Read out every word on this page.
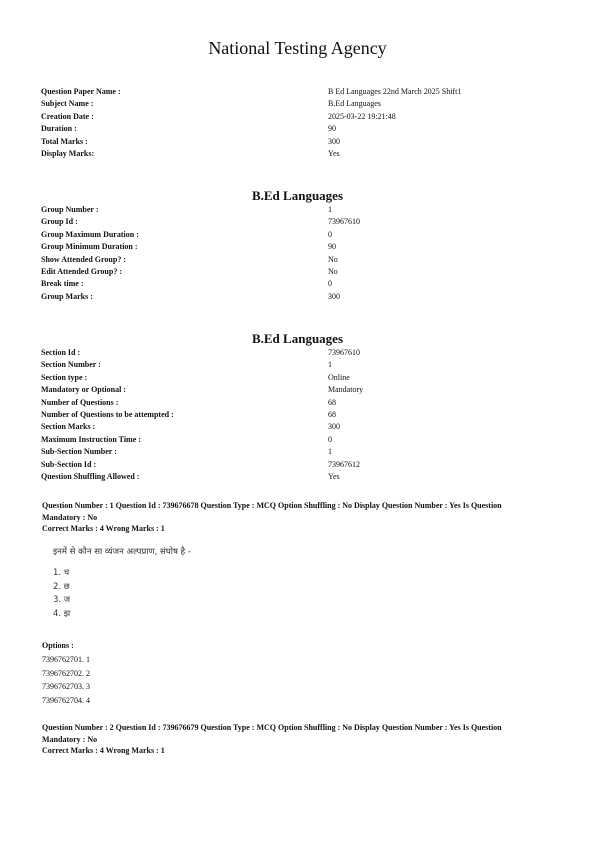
National Testing Agency
Question Paper Name :	B Ed Languages 22nd March 2025 Shift1
Subject Name :	B.Ed Languages
Creation Date :	2025-03-22 19:21:48
Duration :	90
Total Marks :	300
Display Marks:	Yes
B.Ed Languages
Group Number :	1
Group Id :	73967610
Group Maximum Duration :	0
Group Minimum Duration :	90
Show Attended Group? :	No
Edit Attended Group? :	No
Break time :	0
Group Marks :	300
B.Ed Languages
Section Id :	73967610
Section Number :	1
Section type :	Online
Mandatory or Optional :	Mandatory
Number of Questions :	68
Number of Questions to be attempted :	68
Section Marks :	300
Maximum Instruction Time :	0
Sub-Section Number :	1
Sub-Section Id :	73967612
Question Shuffling Allowed :	Yes
Question Number : 1 Question Id : 739676678 Question Type : MCQ Option Shuffling : No Display Question Number : Yes Is Question Mandatory : No
Correct Marks : 4 Wrong Marks : 1
इनमें से कौन सा व्यंजन अल्पप्राण, संघोष है -
1. च
2. छ
3. ज
4. झ
Options :
7396762701. 1
7396762702. 2
7396762703. 3
7396762704. 4
Question Number : 2 Question Id : 739676679 Question Type : MCQ Option Shuffling : No Display Question Number : Yes Is Question Mandatory : No
Correct Marks : 4 Wrong Marks : 1
